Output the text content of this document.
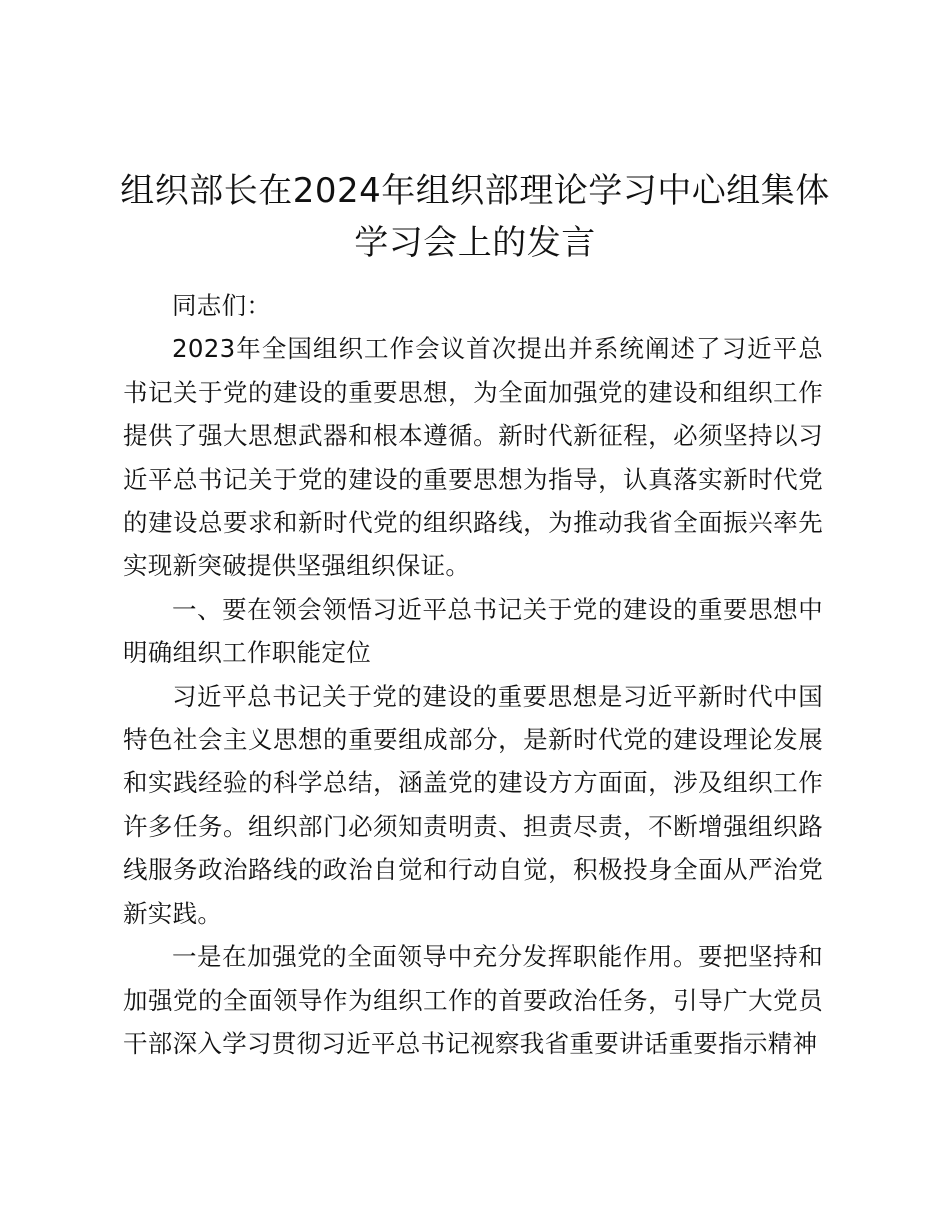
组织部长在2024年组织部理论学习中心组集体学习会上的发言

同志们：

2023年全国组织工作会议首次提出并系统阐述了习近平总书记关于党的建设的重要思想，为全面加强党的建设和组织工作提供了强大思想武器和根本遵循。新时代新征程，必须坚持以习近平总书记关于党的建设的重要思想为指导，认真落实新时代党的建设总要求和新时代党的组织路线，为推动我省全面振兴率先实现新突破提供坚强组织保证。

一、要在领会领悟习近平总书记关于党的建设的重要思想中明确组织工作职能定位

习近平总书记关于党的建设的重要思想是习近平新时代中国特色社会主义思想的重要组成部分，是新时代党的建设理论发展和实践经验的科学总结，涵盖党的建设方方面面，涉及组织工作许多任务。组织部门必须知责明责、担责尽责，不断增强组织路线服务政治路线的政治自觉和行动自觉，积极投身全面从严治党新实践。

一是在加强党的全面领导中充分发挥职能作用。要把坚持和加强党的全面领导作为组织工作的首要政治任务，引导广大党员干部深入学习贯彻习近平总书记视察我省重要讲话重要指示精神
